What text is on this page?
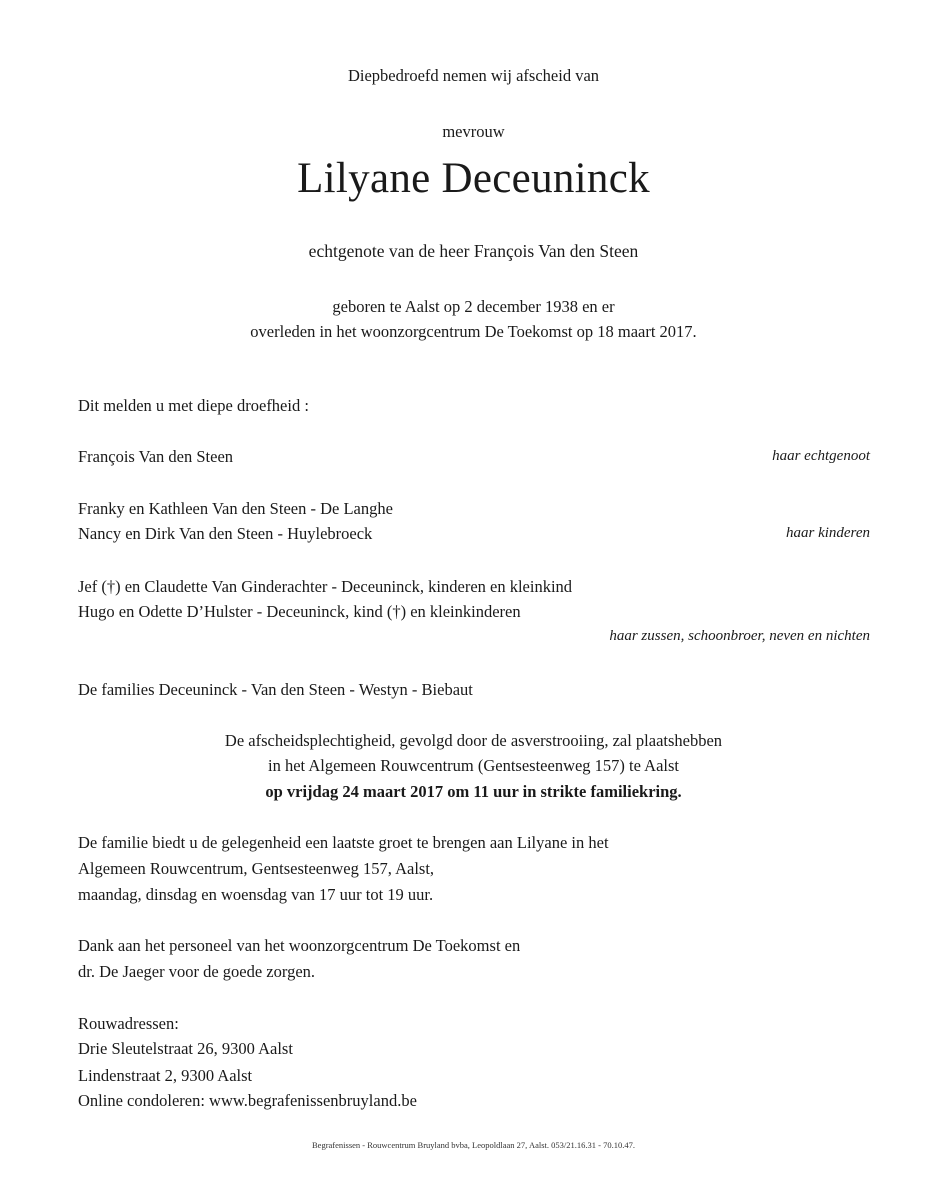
Diepbedroefd nemen wij afscheid van
mevrouw
Lilyane Deceuninck
echtgenote van de heer François Van den Steen
geboren te Aalst op 2 december 1938 en er
overleden in het woonzorgcentrum De Toekomst op 18 maart 2017.
Dit melden u met diepe droefheid :
François Van den Steen	haar echtgenoot
Franky en Kathleen Van den Steen - De Langhe
Nancy en Dirk Van den Steen - Huylebroeck	haar kinderen
Jef (†) en Claudette Van Ginderachter - Deceuninck, kinderen en kleinkind
Hugo en Odette D’Hulster - Deceuninck, kind (†) en kleinkinderen
haar zussen, schoonbroer, neven en nichten
De families Deceuninck - Van den Steen - Westyn - Biebaut
De afscheidsplechtigheid, gevolgd door de asverstrooiing, zal plaatshebben
in het Algemeen Rouwcentrum (Gentsesteenweg 157) te Aalst
op vrijdag 24 maart 2017 om 11 uur in strikte familiekring.
De familie biedt u de gelegenheid een laatste groet te brengen aan Lilyane in het
Algemeen Rouwcentrum, Gentsesteenweg 157, Aalst,
maandag, dinsdag en woensdag van 17 uur tot 19 uur.
Dank aan het personeel van het woonzorgcentrum De Toekomst en
dr. De Jaeger voor de goede zorgen.
Rouwadressen:
Drie Sleutelstraat 26, 9300 Aalst
Lindenstraat 2, 9300 Aalst
Online condoleren: www.begrafenissenbruyland.be
Begrafenissen - Rouwcentrum Bruyland bvba, Leopoldlaan 27, Aalst. 053/21.16.31 - 70.10.47.
